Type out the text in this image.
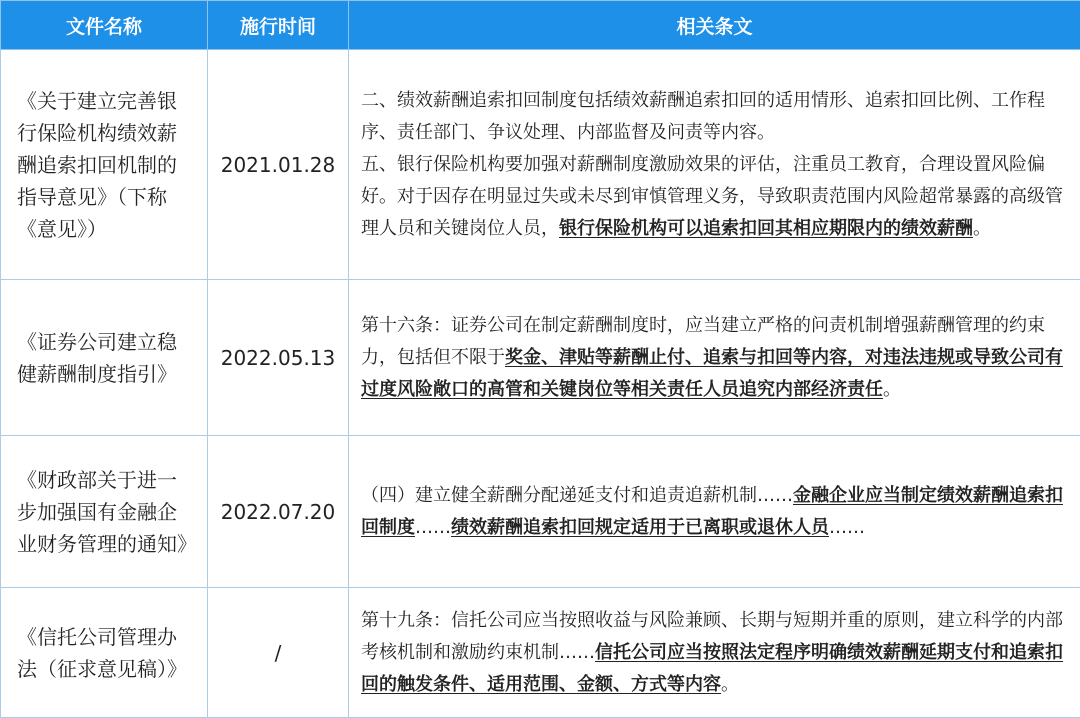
文件名称	施行时间	相关条文
《关于建立完善银行保险机构绩效薪酬追索扣回机制的指导意见》（下称《意见》）	2021.01.28	二、绩效薪酬追索扣回制度包括绩效薪酬追索扣回的适用情形、追索扣回比例、工作程序、责任部门、争议处理、内部监督及问责等内容。

五、银行保险机构要加强对薪酬制度激励效果的评估，注重员工教育，合理设置风险偏好。对于因存在明显过失或未尽到审慎管理义务，导致职责范围内风险超常暴露的高级管理人员和关键岗位人员，银行保险机构可以追索扣回其相应期限内的绩效薪酬。

《证券公司建立稳健薪酬制度指引》	2022.05.13	第十六条：证券公司在制定薪酬制度时，应当建立严格的问责机制增强薪酬管理的约束力，包括但不限于奖金、津贴等薪酬止付、追索与扣回等内容，对违法违规或导致公司有过度风险敞口的高管和关键岗位等相关责任人员追究内部经济责任。

《财政部关于进一步加强国有金融企业财务管理的通知》	2022.07.20	（四）建立健全薪酬分配递延支付和追责追薪机制……金融企业应当制定绩效薪酬追索扣回制度……绩效薪酬追索扣回规定适用于已离职或退休人员……

《信托公司管理办法（征求意见稿）》	/	第十九条：信托公司应当按照收益与风险兼顾、长期与短期并重的原则，建立科学的内部考核机制和激励约束机制……信托公司应当按照法定程序明确绩效薪酬延期支付和追索扣回的触发条件、适用范围、金额、方式等内容。
